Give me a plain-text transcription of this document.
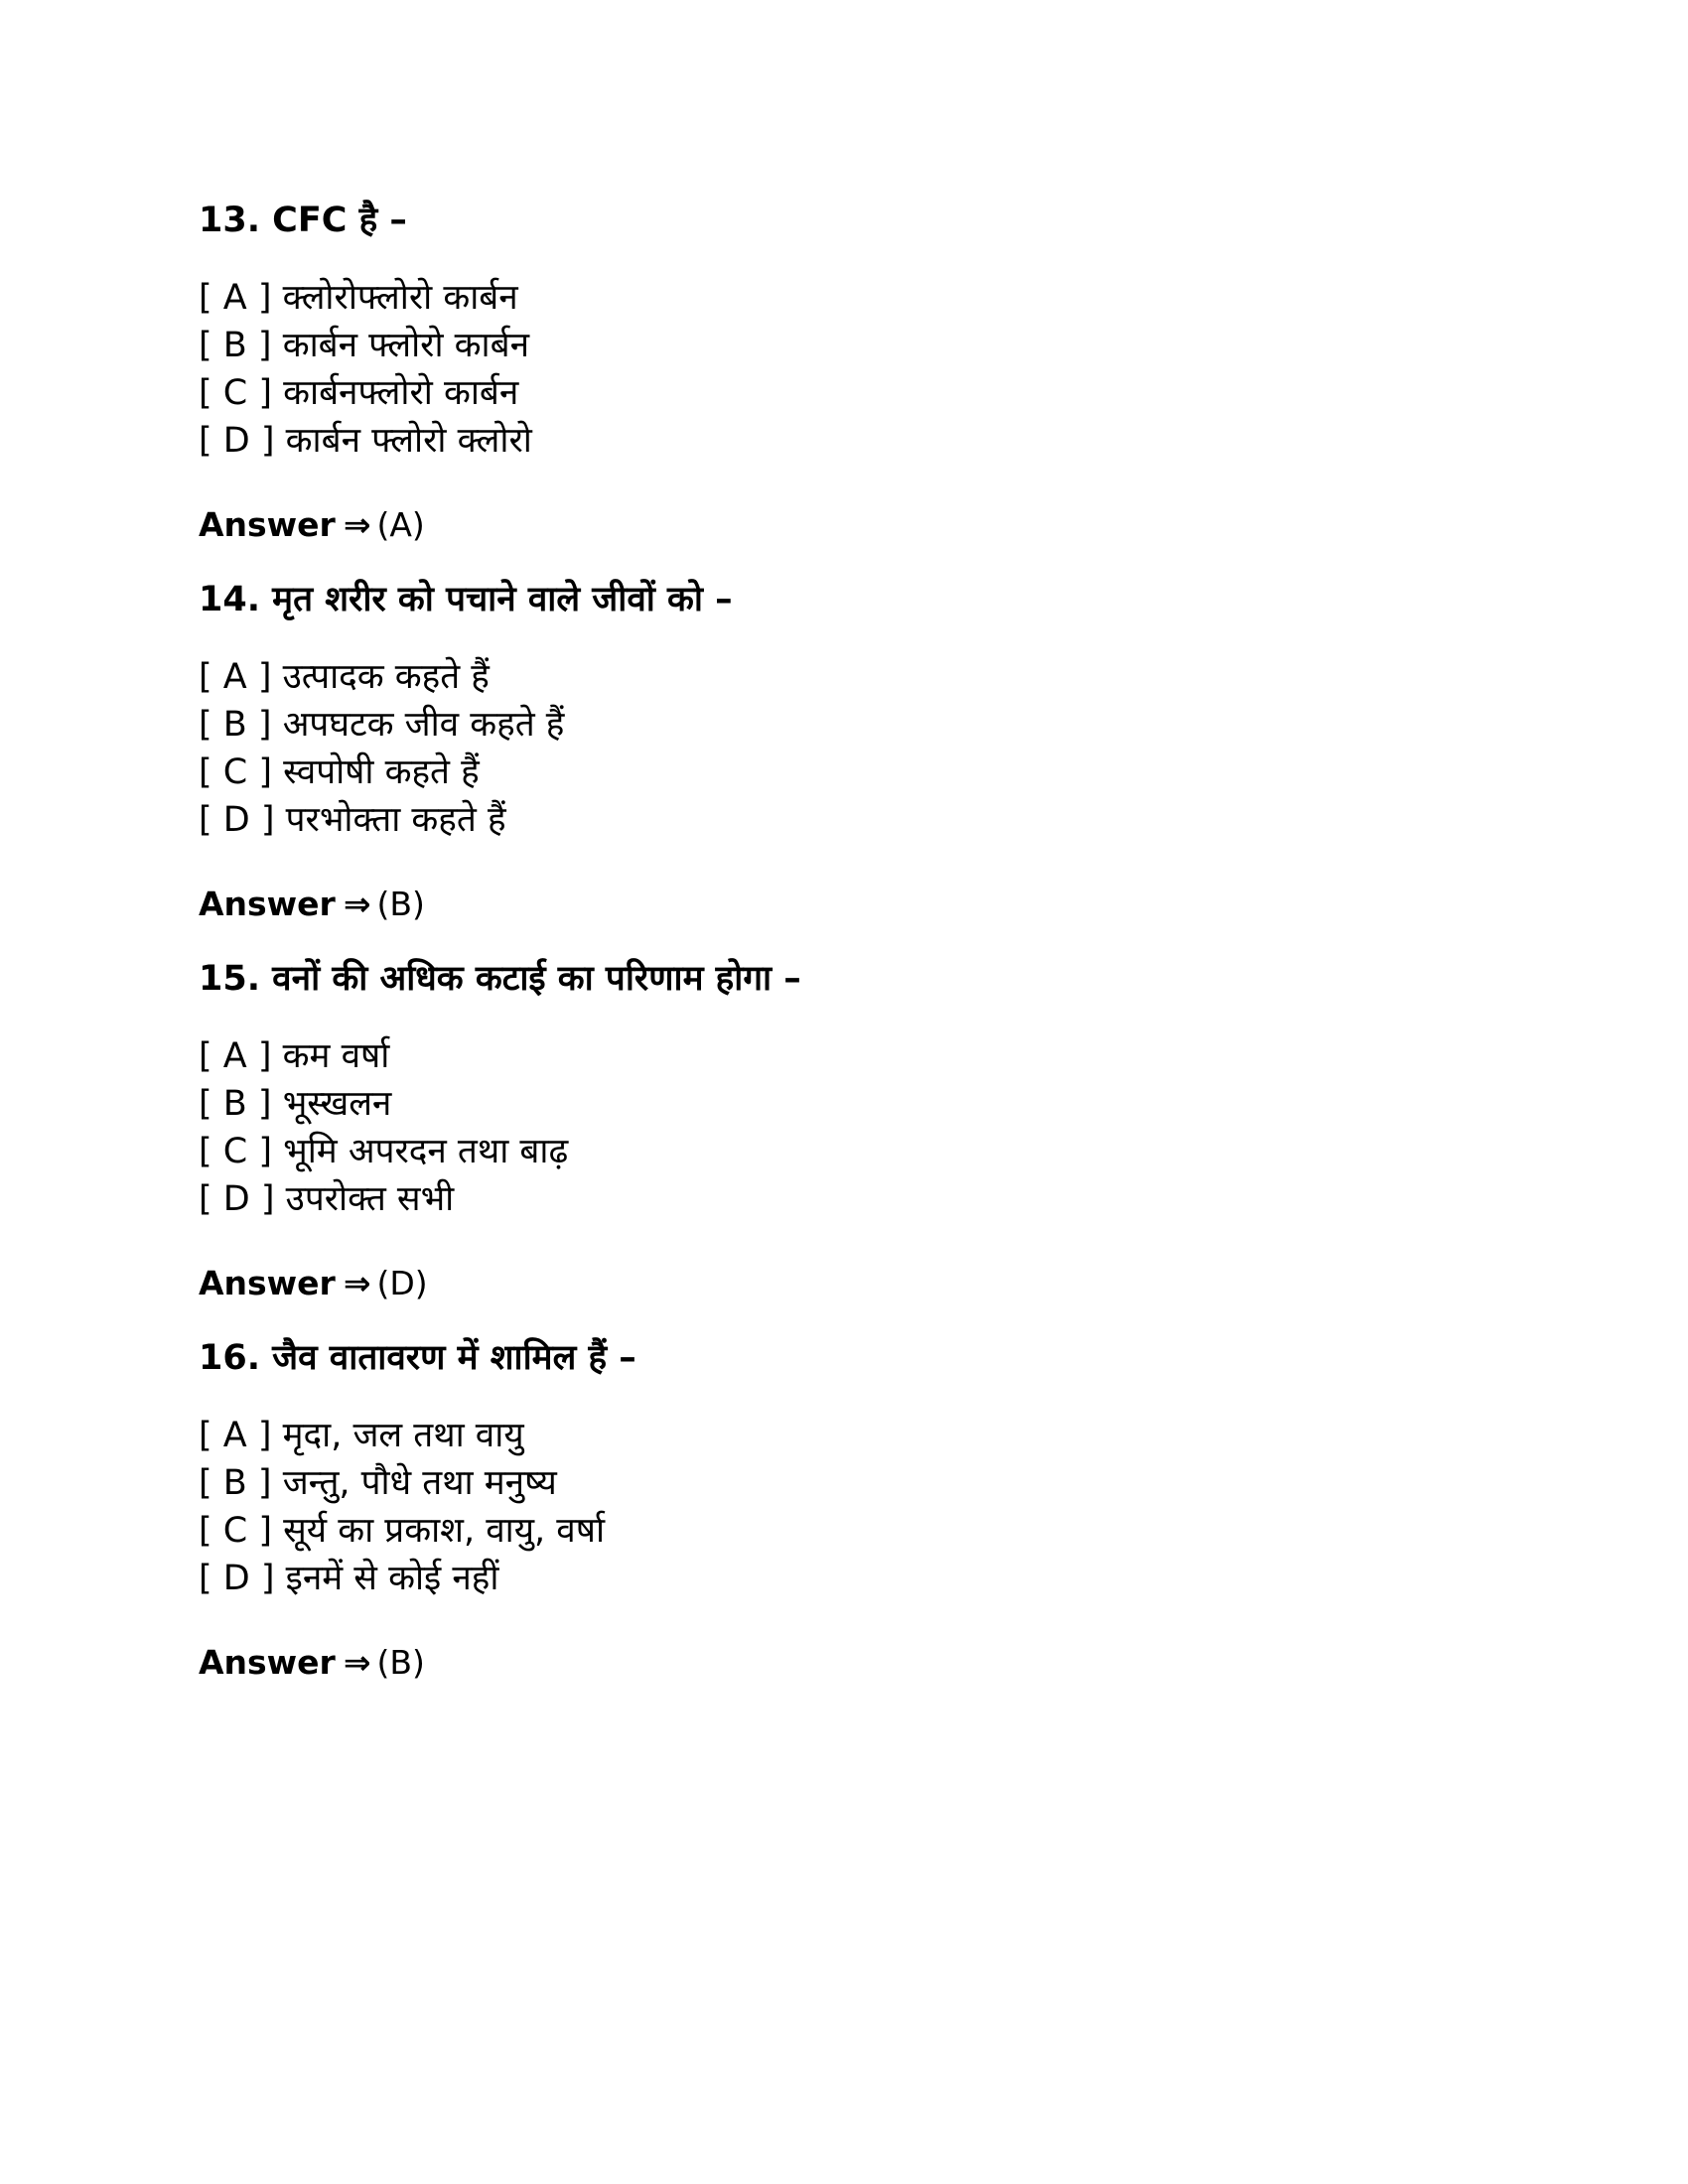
13. CFC है –
[ A ] क्लोरोफ्लोरो कार्बन
[ B ] कार्बन फ्लोरो कार्बन
[ C ] कार्बनफ्लोरो कार्बन
[ D ] कार्बन फ्लोरो क्लोरो
Answer ⇒ (A)
14. मृत शरीर को पचाने वाले जीवों को –
[ A ] उत्पादक कहते हैं
[ B ] अपघटक जीव कहते हैं
[ C ] स्वपोषी कहते हैं
[ D ] परभोक्ता कहते हैं
Answer ⇒ (B)
15. वनों की अधिक कटाई का परिणाम होगा –
[ A ] कम वर्षा
[ B ] भूस्खलन
[ C ] भूमि अपरदन तथा बाढ़
[ D ] उपरोक्त सभी
Answer ⇒ (D)
16. जैव वातावरण में शामिल हैं –
[ A ] मृदा, जल तथा वायु
[ B ] जन्तु, पौधे तथा मनुष्य
[ C ] सूर्य का प्रकाश, वायु, वर्षा
[ D ] इनमें से कोई नहीं
Answer ⇒ (B)
